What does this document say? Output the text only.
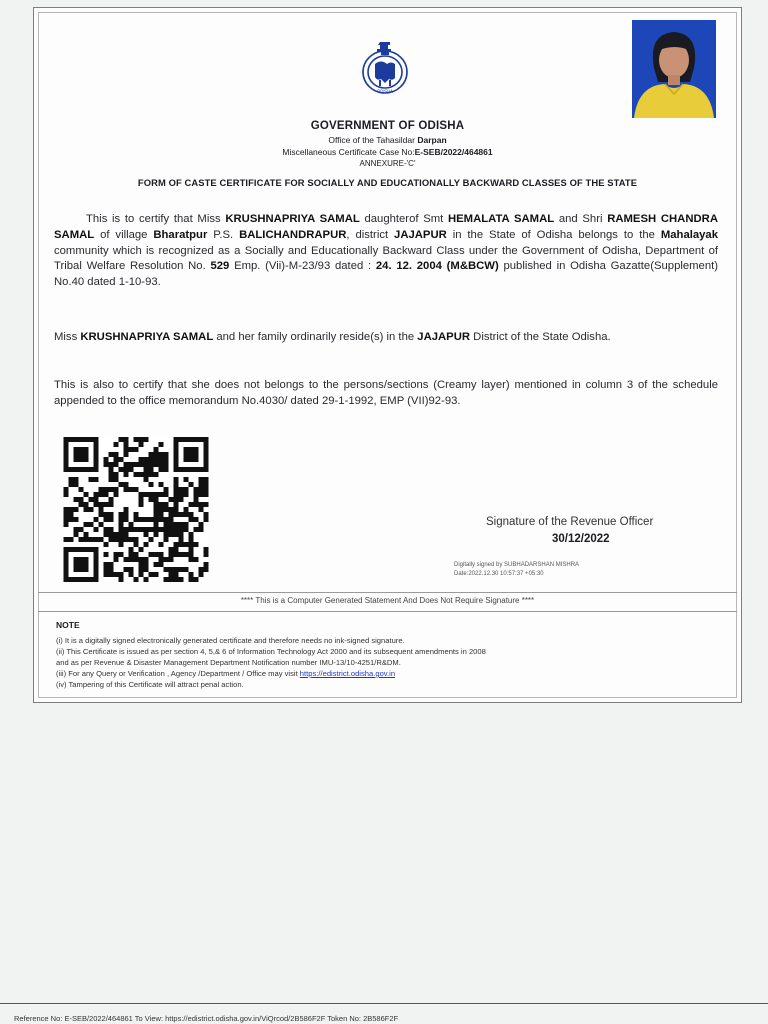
ODISHA
GOVERNMENT OF ODISHA
Office of the Tahasildar Darpan
Miscellaneous Certificate Case No:E-SEB/2022/464861
ANNEXURE-'C'
FORM OF CASTE CERTIFICATE FOR SOCIALLY AND EDUCATIONALLY BACKWARD CLASSES OF THE STATE
This is to certify that Miss KRUSHNAPRIYA SAMAL daughterof Smt HEMALATA SAMAL and Shri RAMESH CHANDRA SAMAL of village Bharatpur P.S. BALICHANDRAPUR, district JAJAPUR in the State of Odisha belongs to the Mahalayak community which is recognized as a Socially and Educationally Backward Class under the Government of Odisha, Department of Tribal Welfare Resolution No. 529 Emp. (Vii)-M-23/93 dated : 24. 12. 2004 (M&BCW) published in Odisha Gazatte(Supplement) No.40 dated 1-10-93.
Miss KRUSHNAPRIYA SAMAL and her family ordinarily reside(s) in the JAJAPUR District of the State Odisha.
This is also to certify that she does not belongs to the persons/sections (Creamy layer) mentioned in column 3 of the schedule appended to the office memorandum No.4030/ dated 29-1-1992, EMP (VII)92-93.
Signature of the Revenue Officer
30/12/2022
Digitally signed by SUBHADARSHAN MISHRA
Date:2022.12.30 10:57:37 +05:30
**** This is a Computer Generated Statement And Does Not Require Signature ****
NOTE
(i) It is a digitally signed electronically generated certificate and therefore needs no ink-signed signature.
(ii) This Certificate is issued as per section 4, 5,& 6 of Information Technology Act 2000 and its subsequent amendments in 2008
and as per Revenue & Disaster Management Department Notification number IMU-13/10-4251/R&DM.
(iii) For any Query or Verification , Agency /Department / Office may visit https://edistrict.odisha.gov.in
(iv) Tampering of this Certificate will attract penal action.
Reference No: E-SEB/2022/464861 To View: https://edistrict.odisha.gov.in/ViQrcod/2B586F2F Token No: 2B586F2F
